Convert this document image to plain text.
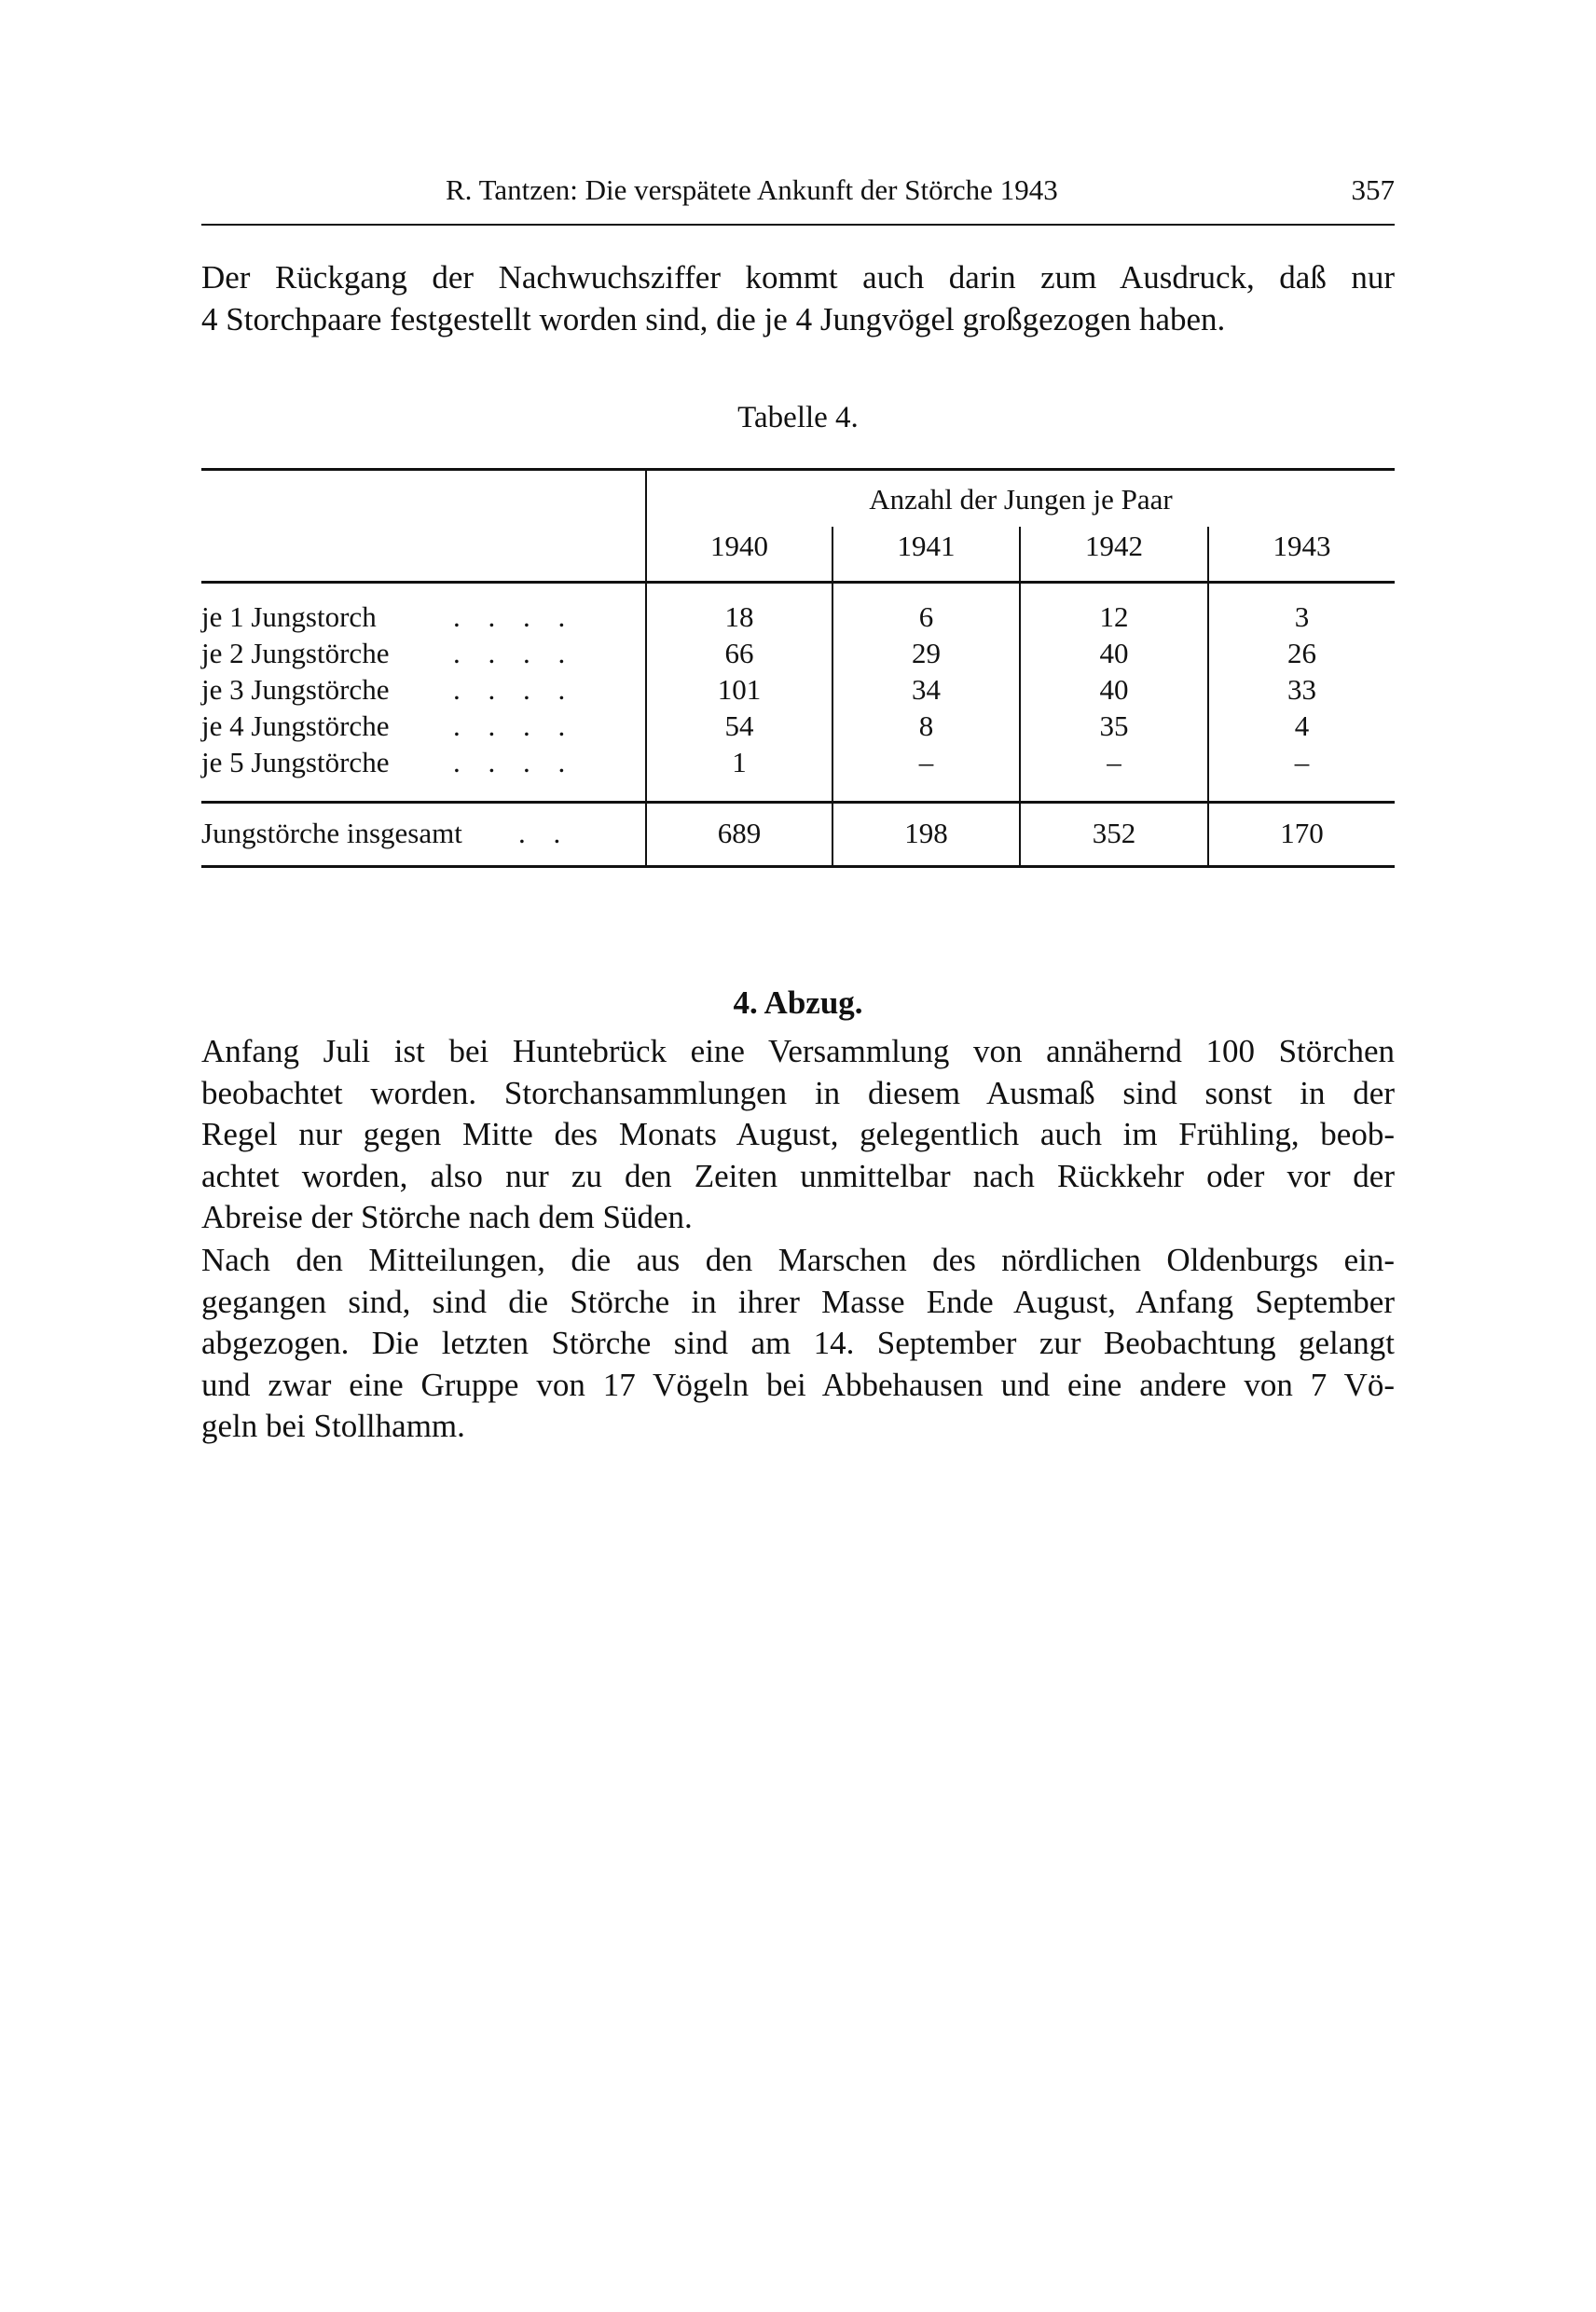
R. Tantzen: Die verspätete Ankunft der Störche 1943	357

Der Rückgang der Nachwuchsziffer kommt auch darin zum Ausdruck, daß nur
4 Storchpaare festgestellt worden sind, die je 4 Jungvögel großgezogen haben.

Tabelle 4.
Anzahl der Jungen je Paar
1940	1941	1942	1943
je 1 Jungstorch	. . . .	18	6	12	3
je 2 Jungstörche . . . .	66	29	40	26
je 3 Jungstörche . . . .	101	34	40	33
je 4 Jungstörche . . . .	54	8	35	4
je 5 Jungstörche . . . .	1	–	–	–
Jungstörche insgesamt . .	689	198	352	170
4. Abzug.

Anfang Juli ist bei Huntebrück eine Versammlung von annähernd 100 Störchen
beobachtet worden. Storchansammlungen in diesem Ausmaß sind sonst in der
Regel nur gegen Mitte des Monats August, gelegentlich auch im Frühling, beob-
achtet worden, also nur zu den Zeiten unmittelbar nach Rückkehr oder vor der
Abreise der Störche nach dem Süden.

Nach den Mitteilungen, die aus den Marschen des nördlichen Oldenburgs ein-
gegangen sind, sind die Störche in ihrer Masse Ende August, Anfang September
abgezogen. Die letzten Störche sind am 14. September zur Beobachtung gelangt
und zwar eine Gruppe von 17 Vögeln bei Abbehausen und eine andere von 7 Vö-
geln bei Stollhamm.
